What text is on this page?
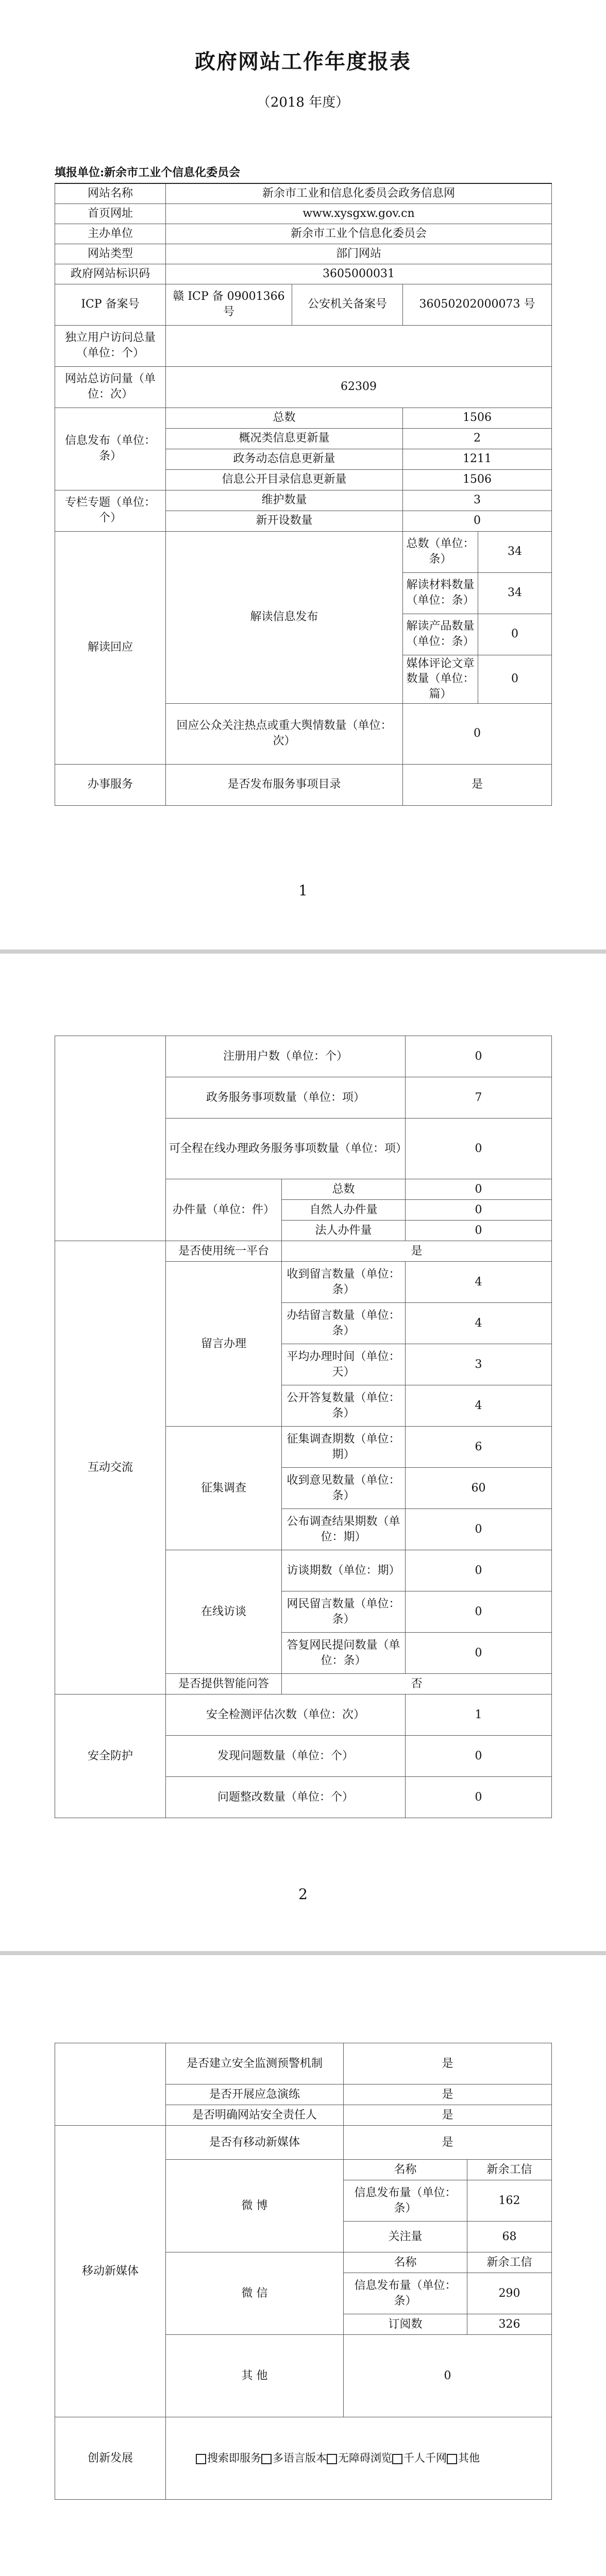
政府网站工作年度报表
（2018 年度）
填报单位:新余市工业个信息化委员会
网站名称	新余市工业和信息化委员会政务信息网			
首页网址	www.xysgxw.gov.cn			
主办单位	新余市工业个信息化委员会			
网站类型	部门网站			
政府网站标识码	3605000031			
ICP 备案号	赣 ICP 备 09001366 号	公安机关备案号	36050202000073 号	
独立用户访问总量（单位：个）				
网站总访问量（单位：次）	62309			
信息发布（单位：条）	总数		1506	
	概况类信息更新量		2	
	政务动态信息更新量		1211	
	信息公开目录信息更新量		1506	
专栏专题（单位：个）	维护数量		3	
	新开设数量		0	
解读回应	解读信息发布		总数（单位：条）	34
			解读材料数量（单位：条）	34
			解读产品数量（单位：条）	0
			媒体评论文章数量（单位：篇）	0
	回应公众关注热点或重大舆情数量（单位：次）		0	
办事服务	是否发布服务事项目录		是	
1
	注册用户数（单位：个）		0
	政务服务事项数量（单位：项）		7
	可全程在线办理政务服务事项数量（单位：项）		0
	办件量（单位：件）	总数	0
		自然人办件量	0
		法人办件量	0
互动交流	是否使用统一平台	是	
	留言办理	收到留言数量（单位：条）	4
		办结留言数量（单位：条）	4
		平均办理时间（单位：天）	3
		公开答复数量（单位：条）	4
	征集调查	征集调查期数（单位：期）	6
		收到意见数量（单位：条）	60
		公布调查结果期数（单位：期）	0
	在线访谈	访谈期数（单位：期）	0
		网民留言数量（单位：条）	0
		答复网民提问数量（单位：条）	0
	是否提供智能问答	否	
安全防护	安全检测评估次数（单位：次）		1
	发现问题数量（单位：个）		0
	问题整改数量（单位：个）		0
2
	是否建立安全监测预警机制	是	
	是否开展应急演练	是	
	是否明确网站安全责任人	是	
移动新媒体	是否有移动新媒体	是	
	微 博	名称	新余工信
		信息发布量（单位：条）	162
		关注量	68
	微 信	名称	新余工信
		信息发布量（单位：条）	290
		订阅数	326
	其 他	0	
创新发展	搜索即服务 多语言版本 无障碍浏览 千人千网 其他		
